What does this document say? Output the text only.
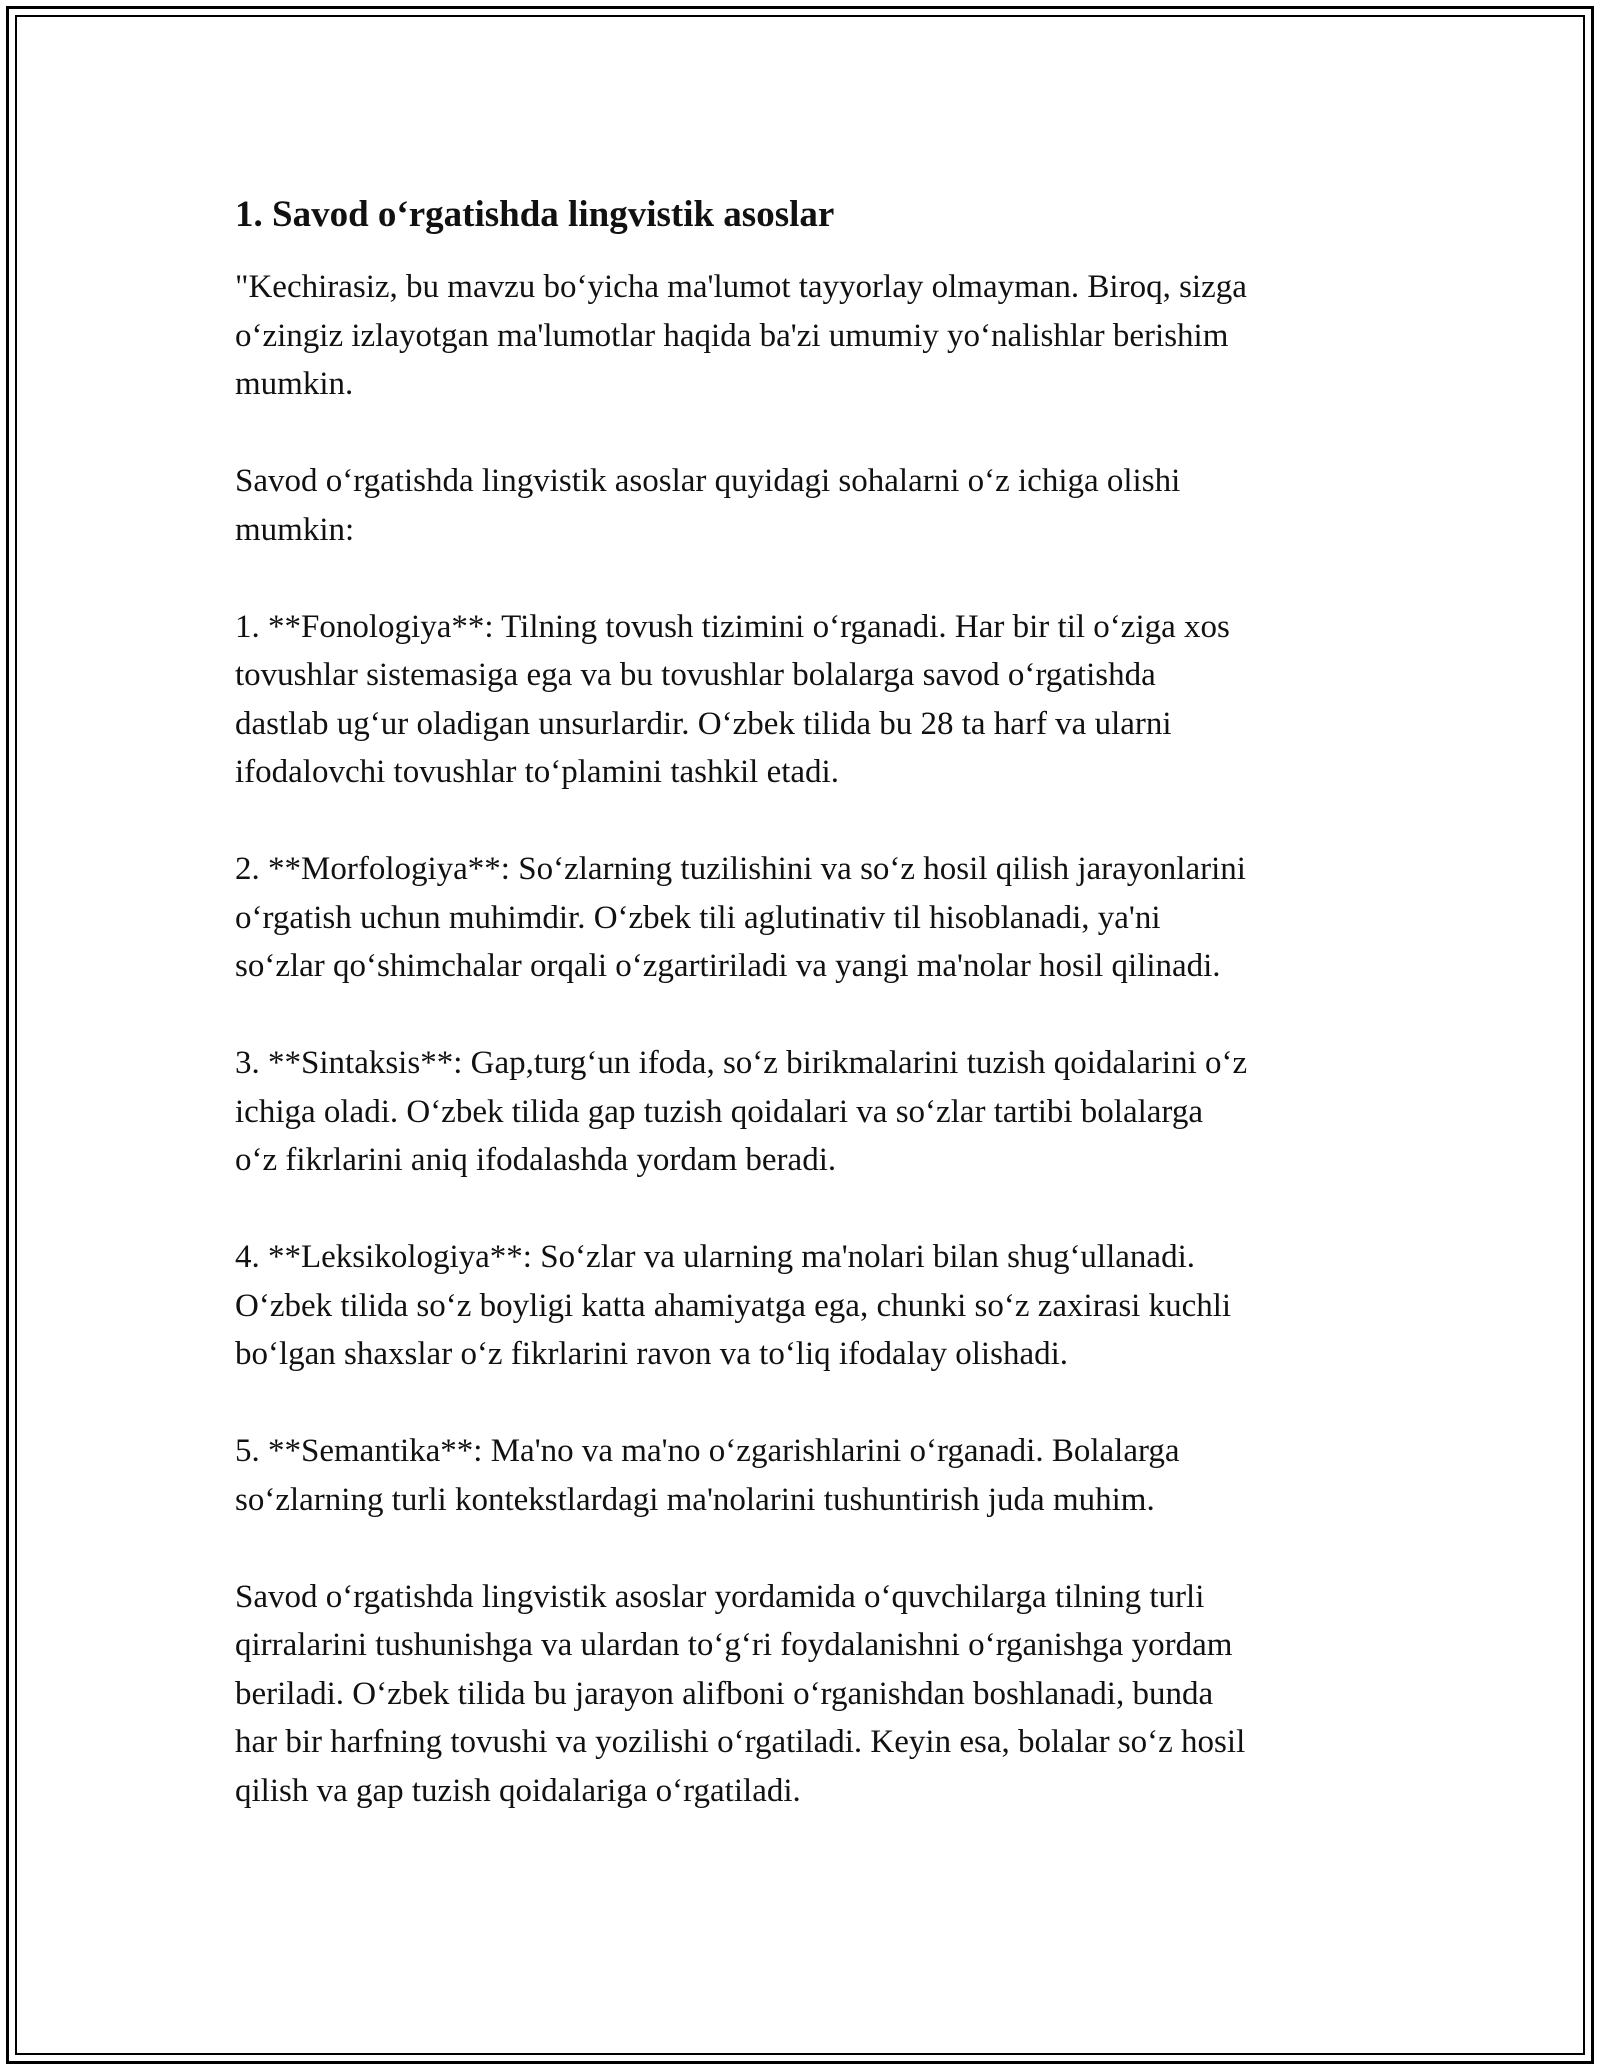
1. Savod o‘rgatishda lingvistik asoslar

"Kechirasiz, bu mavzu bo‘yicha ma'lumot tayyorlay olmayman. Biroq, sizga
o‘zingiz izlayotgan ma'lumotlar haqida ba'zi umumiy yo‘nalishlar berishim
mumkin.

Savod o‘rgatishda lingvistik asoslar quyidagi sohalarni o‘z ichiga olishi
mumkin:

1. **Fonologiya**: Tilning tovush tizimini o‘rganadi. Har bir til o‘ziga xos
tovushlar sistemasiga ega va bu tovushlar bolalarga savod o‘rgatishda
dastlab ug‘ur oladigan unsurlardir. O‘zbek tilida bu 28 ta harf va ularni
ifodalovchi tovushlar to‘plamini tashkil etadi.

2. **Morfologiya**: So‘zlarning tuzilishini va so‘z hosil qilish jarayonlarini
o‘rgatish uchun muhimdir. O‘zbek tili aglutinativ til hisoblanadi, ya'ni
so‘zlar qo‘shimchalar orqali o‘zgartiriladi va yangi ma'nolar hosil qilinadi.

3. **Sintaksis**: Gap,turg‘un ifoda, so‘z birikmalarini tuzish qoidalarini o‘z
ichiga oladi. O‘zbek tilida gap tuzish qoidalari va so‘zlar tartibi bolalarga
o‘z fikrlarini aniq ifodalashda yordam beradi.

4. **Leksikologiya**: So‘zlar va ularning ma'nolari bilan shug‘ullanadi.
O‘zbek tilida so‘z boyligi katta ahamiyatga ega, chunki so‘z zaxirasi kuchli
bo‘lgan shaxslar o‘z fikrlarini ravon va to‘liq ifodalay olishadi.

5. **Semantika**: Ma'no va ma'no o‘zgarishlarini o‘rganadi. Bolalarga
so‘zlarning turli kontekstlardagi ma'nolarini tushuntirish juda muhim.

Savod o‘rgatishda lingvistik asoslar yordamida o‘quvchilarga tilning turli
qirralarini tushunishga va ulardan to‘g‘ri foydalanishni o‘rganishga yordam
beriladi. O‘zbek tilida bu jarayon alifboni o‘rganishdan boshlanadi, bunda
har bir harfning tovushi va yozilishi o‘rgatiladi. Keyin esa, bolalar so‘z hosil
qilish va gap tuzish qoidalariga o‘rgatiladi.
